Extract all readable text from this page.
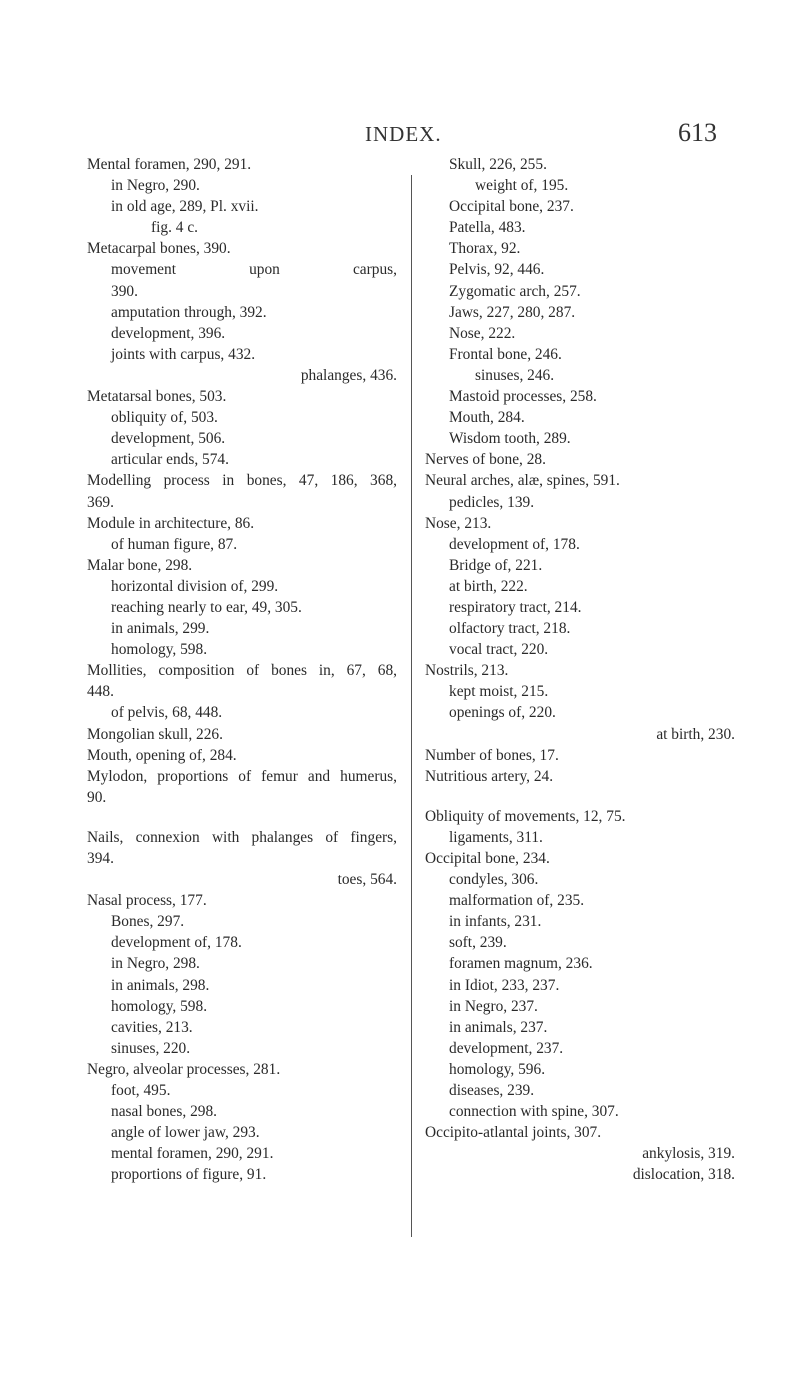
INDEX.	613
Mental foramen, 290, 291.
in Negro, 290.
in old age, 289, Pl. xvii.
fig. 4 c.
Metacarpal bones, 390.
movement upon carpus,
390.
amputation through, 392.
development, 396.
joints with carpus, 432.
phalanges, 436.
Metatarsal bones, 503.
obliquity of, 503.
development, 506.
articular ends, 574.
Modelling process in bones, 47, 186, 368,
369.
Module in architecture, 86.
of human figure, 87.
Malar bone, 298.
horizontal division of, 299.
reaching nearly to ear, 49, 305.
in animals, 299.
homology, 598.
Mollities, composition of bones in, 67, 68,
448.
of pelvis, 68, 448.
Mongolian skull, 226.
Mouth, opening of, 284.
Mylodon, proportions of femur and humerus,
90.
Nails, connexion with phalanges of fingers,
394.
toes, 564.
Nasal process, 177.
Bones, 297.
development of, 178.
in Negro, 298.
in animals, 298.
homology, 598.
cavities, 213.
sinuses, 220.
Negro, alveolar processes, 281.
foot, 495.
nasal bones, 298.
angle of lower jaw, 293.
mental foramen, 290, 291.
proportions of figure, 91.
Skull, 226, 255.
weight of, 195.
Occipital bone, 237.
Patella, 483.
Thorax, 92.
Pelvis, 92, 446.
Zygomatic arch, 257.
Jaws, 227, 280, 287.
Nose, 222.
Frontal bone, 246.
sinuses, 246.
Mastoid processes, 258.
Mouth, 284.
Wisdom tooth, 289.
Nerves of bone, 28.
Neural arches, alæ, spines, 591.
pedicles, 139.
Nose, 213.
development of, 178.
Bridge of, 221.
at birth, 222.
respiratory tract, 214.
olfactory tract, 218.
vocal tract, 220.
Nostrils, 213.
kept moist, 215.
openings of, 220.
at birth, 230.
Number of bones, 17.
Nutritious artery, 24.
Obliquity of movements, 12, 75.
ligaments, 311.
Occipital bone, 234.
condyles, 306.
malformation of, 235.
in infants, 231.
soft, 239.
foramen magnum, 236.
in Idiot, 233, 237.
in Negro, 237.
in animals, 237.
development, 237.
homology, 596.
diseases, 239.
connection with spine, 307.
Occipito-atlantal joints, 307.
ankylosis, 319.
dislocation, 318.
